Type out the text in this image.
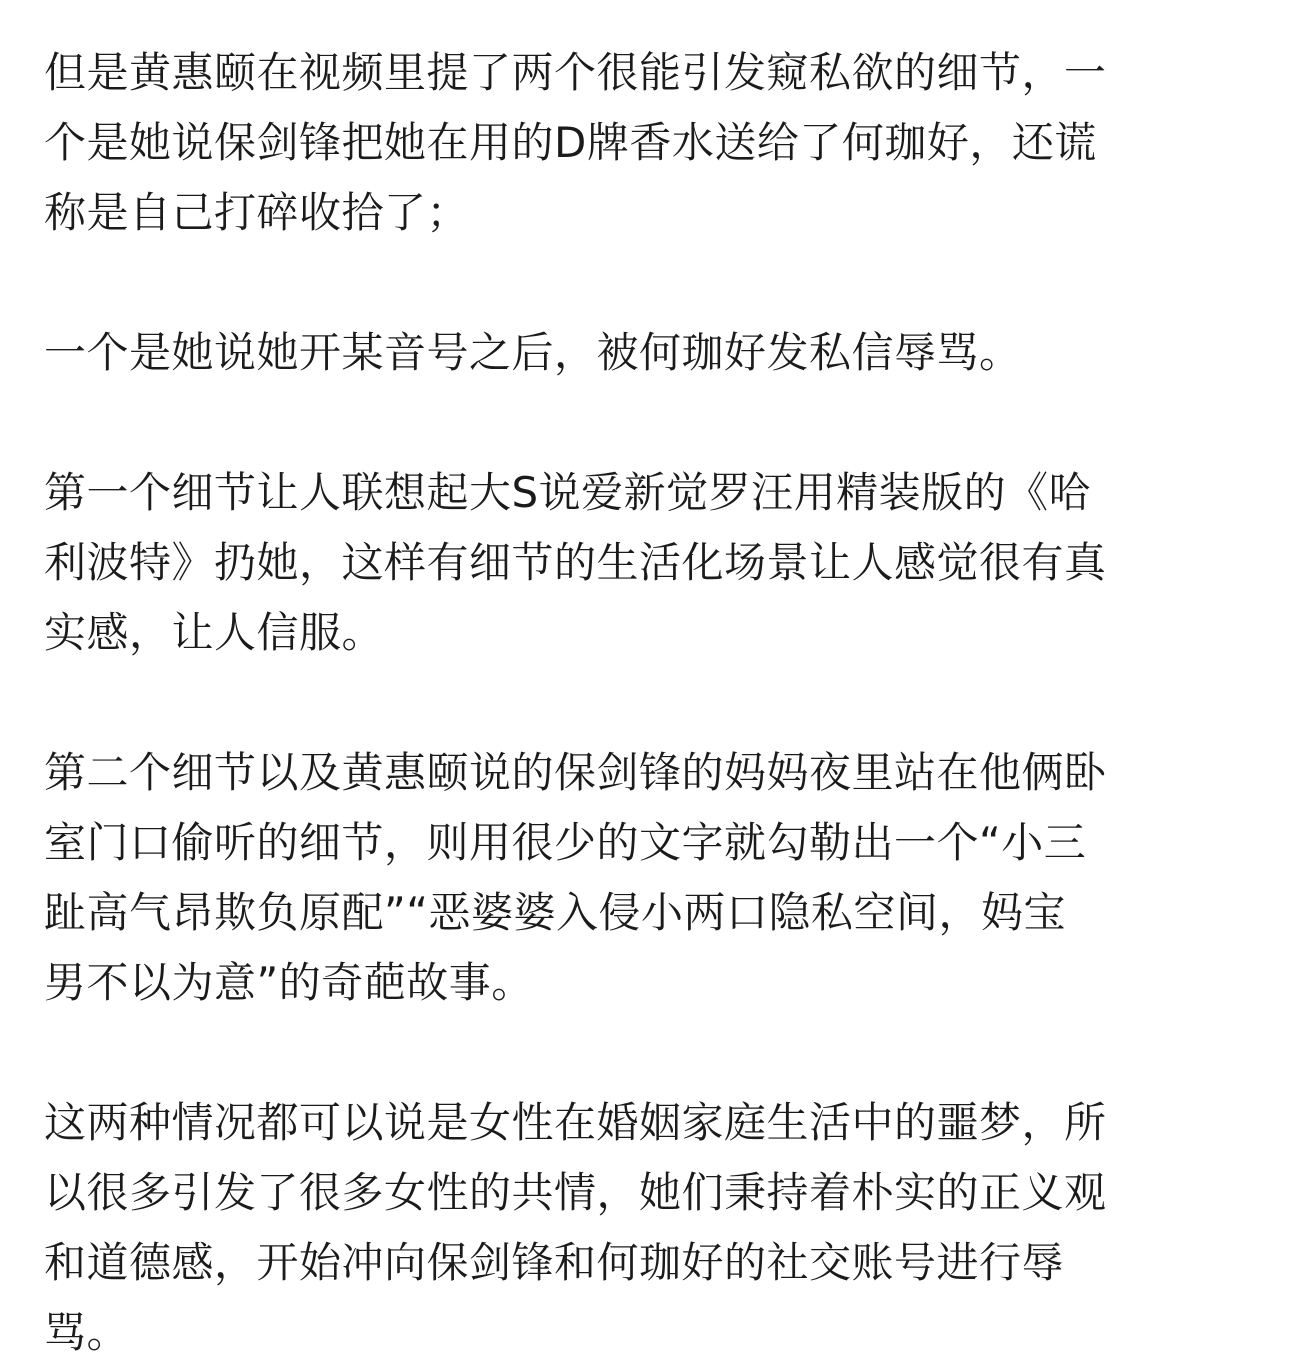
但是黄惠颐在视频里提了两个很能引发窥私欲的细节，一
个是她说保剑锋把她在用的D牌香水送给了何珈好，还谎
称是自己打碎收拾了；

一个是她说她开某音号之后，被何珈好发私信辱骂。

第一个细节让人联想起大S说爱新觉罗汪用精装版的《哈
利波特》扔她，这样有细节的生活化场景让人感觉很有真
实感，让人信服。

第二个细节以及黄惠颐说的保剑锋的妈妈夜里站在他俩卧
室门口偷听的细节，则用很少的文字就勾勒出一个“小三
趾高气昂欺负原配”“恶婆婆入侵小两口隐私空间，妈宝
男不以为意”的奇葩故事。

这两种情况都可以说是女性在婚姻家庭生活中的噩梦，所
以很多引发了很多女性的共情，她们秉持着朴实的正义观
和道德感，开始冲向保剑锋和何珈好的社交账号进行辱
骂。
